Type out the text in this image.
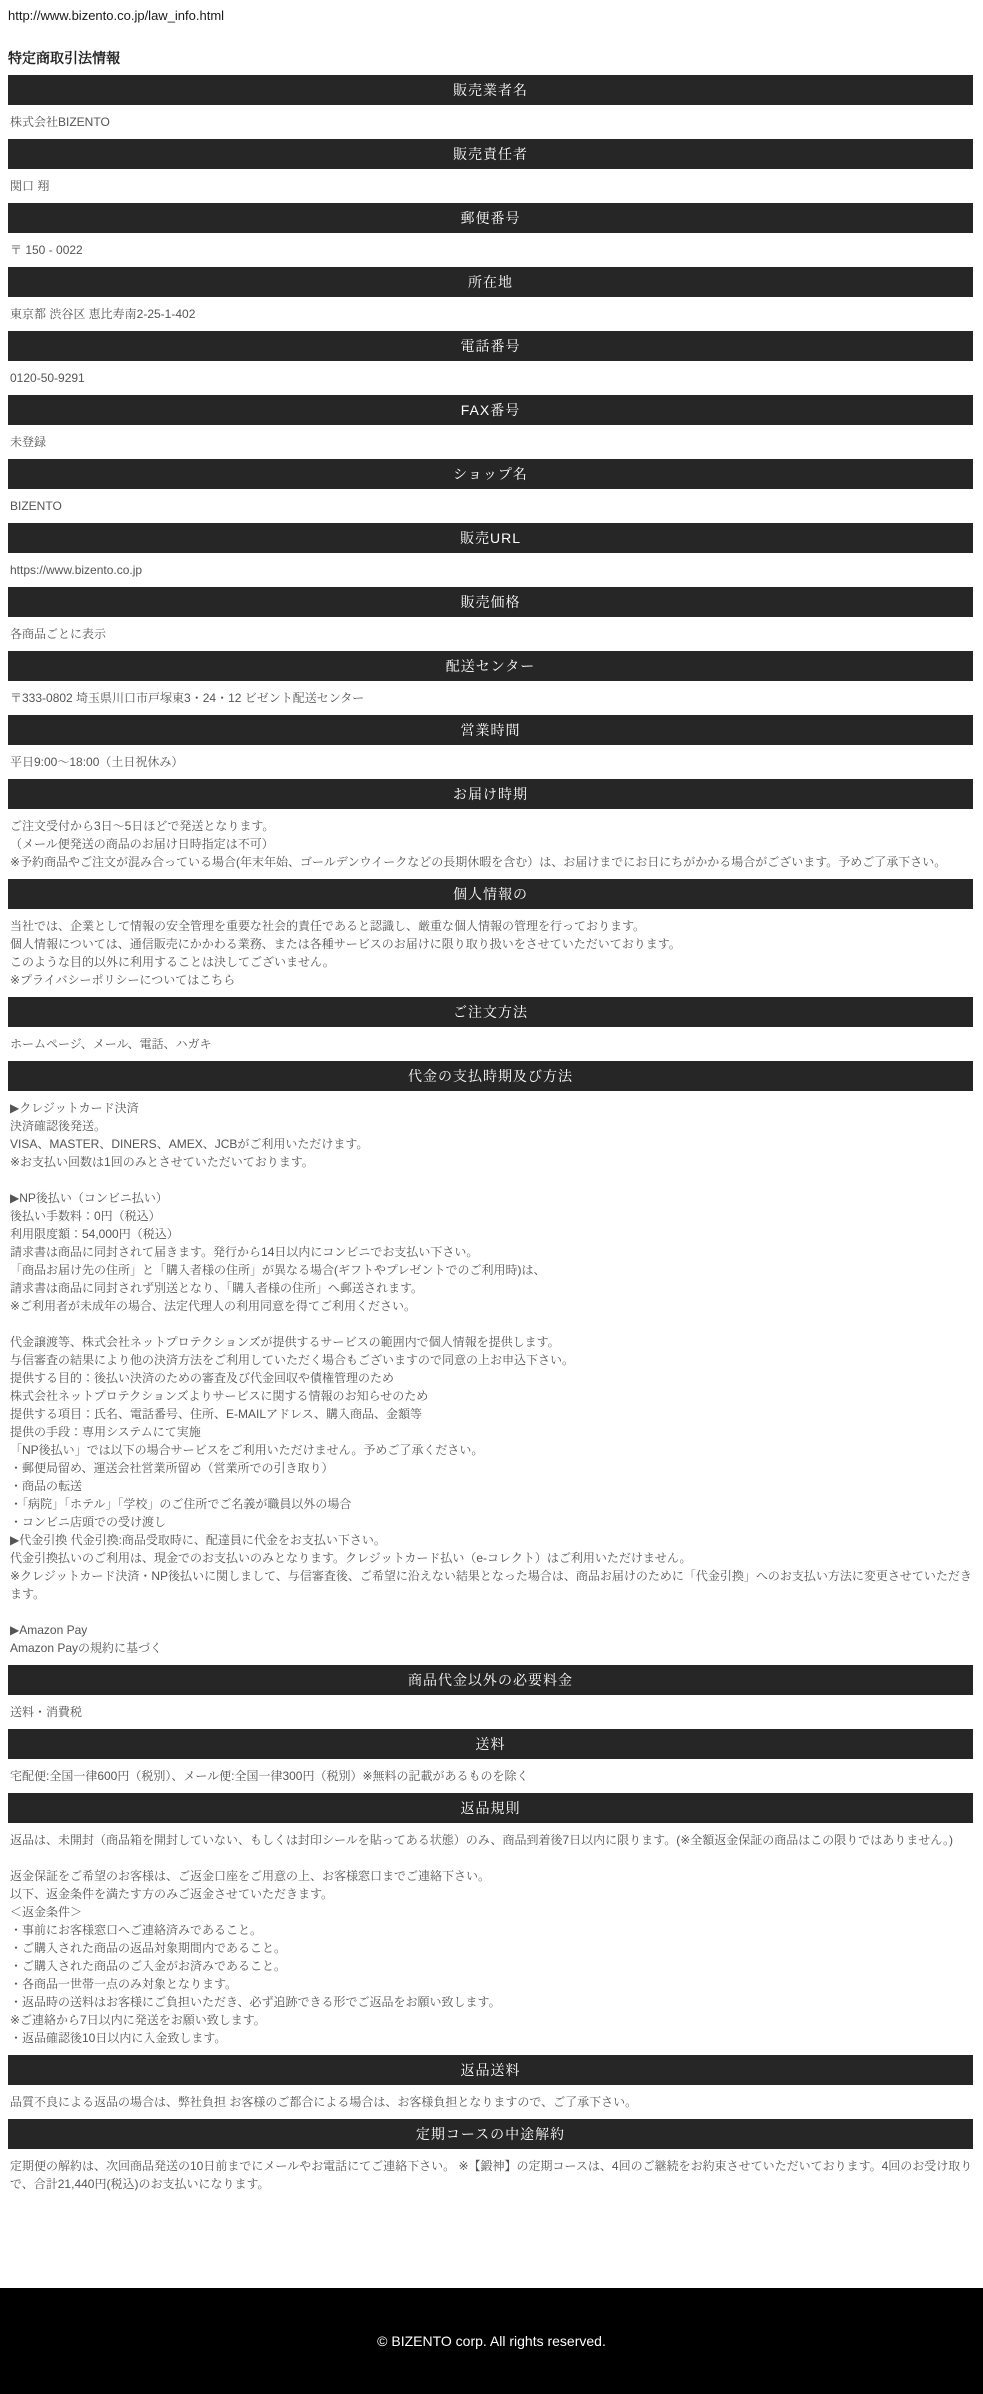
http://www.bizento.co.jp/law_info.html
特定商取引法情報
販売業者名

株式会社BIZENTO

販売責任者

関口 翔

郵便番号

〒 150 - 0022

所在地

東京都 渋谷区 恵比寿南2-25-1-402

電話番号

0120-50-9291

FAX番号

未登録

ショップ名

BIZENTO

販売URL

https://www.bizento.co.jp

販売価格

各商品ごとに表示

配送センター

〒333-0802 埼玉県川口市戸塚東3・24・12 ビゼント配送センター

営業時間

平日9:00～18:00（土日祝休み）

お届け時期

ご注文受付から3日～5日ほどで発送となります。

（メール便発送の商品のお届け日時指定は不可）

※予約商品やご注文が混み合っている場合(年末年始、ゴールデンウイークなどの長期休暇を含む）は、お届けまでにお日にちがかかる場合がございます。予めご了承下さい。

個人情報の

当社では、企業として情報の安全管理を重要な社会的責任であると認識し、厳重な個人情報の管理を行っております。

個人情報については、通信販売にかかわる業務、または各種サービスのお届けに限り取り扱いをさせていただいております。

このような目的以外に利用することは決してございません。

※プライバシーポリシーについてはこちら

ご注文方法

ホームページ、メール、電話、ハガキ

代金の支払時期及び方法

▶クレジットカード決済

決済確認後発送。

VISA、MASTER、DINERS、AMEX、JCBがご利用いただけます。

※お支払い回数は1回のみとさせていただいております。

▶NP後払い（コンビニ払い）

後払い手数料：0円（税込）

利用限度額：54,000円（税込）

請求書は商品に同封されて届きます。発行から14日以内にコンビニでお支払い下さい。

「商品お届け先の住所」と「購入者様の住所」が異なる場合(ギフトやプレゼントでのご利用時)は、

請求書は商品に同封されず別送となり、「購入者様の住所」へ郵送されます。

※ご利用者が未成年の場合、法定代理人の利用同意を得てご利用ください。

代金譲渡等、株式会社ネットプロテクションズが提供するサービスの範囲内で個人情報を提供します。

与信審査の結果により他の決済方法をご利用していただく場合もございますので同意の上お申込下さい。

提供する目的：後払い決済のための審査及び代金回収や債権管理のため

株式会社ネットプロテクションズよりサービスに関する情報のお知らせのため

提供する項目：氏名、電話番号、住所、E-MAILアドレス、購入商品、金額等

提供の手段：専用システムにて実施

「NP後払い」では以下の場合サービスをご利用いただけません。予めご了承ください。

・郵便局留め、運送会社営業所留め（営業所での引き取り）

・商品の転送

・「病院」「ホテル」「学校」のご住所でご名義が職員以外の場合

・コンビニ店頭での受け渡し

▶代金引換 代金引換:商品受取時に、配達員に代金をお支払い下さい。

代金引換払いのご利用は、現金でのお支払いのみとなります。クレジットカード払い（e-コレクト）はご利用いただけません。

※クレジットカード決済・NP後払いに関しまして、与信審査後、ご希望に沿えない結果となった場合は、商品お届けのために「代金引換」へのお支払い方法に変更させていただきます。

▶Amazon Pay

Amazon Payの規約に基づく

商品代金以外の必要料金

送料・消費税

送料

宅配便:全国一律600円（税別）、メール便:全国一律300円（税別）※無料の記載があるものを除く

返品規則

返品は、未開封（商品箱を開封していない、もしくは封印シールを貼ってある状態）のみ、商品到着後7日以内に限ります。(※全額返金保証の商品はこの限りではありません。)

返金保証をご希望のお客様は、ご返金口座をご用意の上、お客様窓口までご連絡下さい。

以下、返金条件を満たす方のみご返金させていただきます。

＜返金条件＞

・事前にお客様窓口へご連絡済みであること。

・ご購入された商品の返品対象期間内であること。

・ご購入された商品のご入金がお済みであること。

・各商品一世帯一点のみ対象となります。

・返品時の送料はお客様にご負担いただき、必ず追跡できる形でご返品をお願い致します。

※ご連絡から7日以内に発送をお願い致します。

・返品確認後10日以内に入金致します。

返品送料

品質不良による返品の場合は、弊社負担 お客様のご都合による場合は、お客様負担となりますので、ご了承下さい。

定期コースの中途解約

定期便の解約は、次回商品発送の10日前までにメールやお電話にてご連絡下さい。 ※【鍛神】の定期コースは、4回のご継続をお約束させていただいております。4回のお受け取りで、合計21,440円(税込)のお支払いになります。

© BIZENTO corp. All rights reserved.
